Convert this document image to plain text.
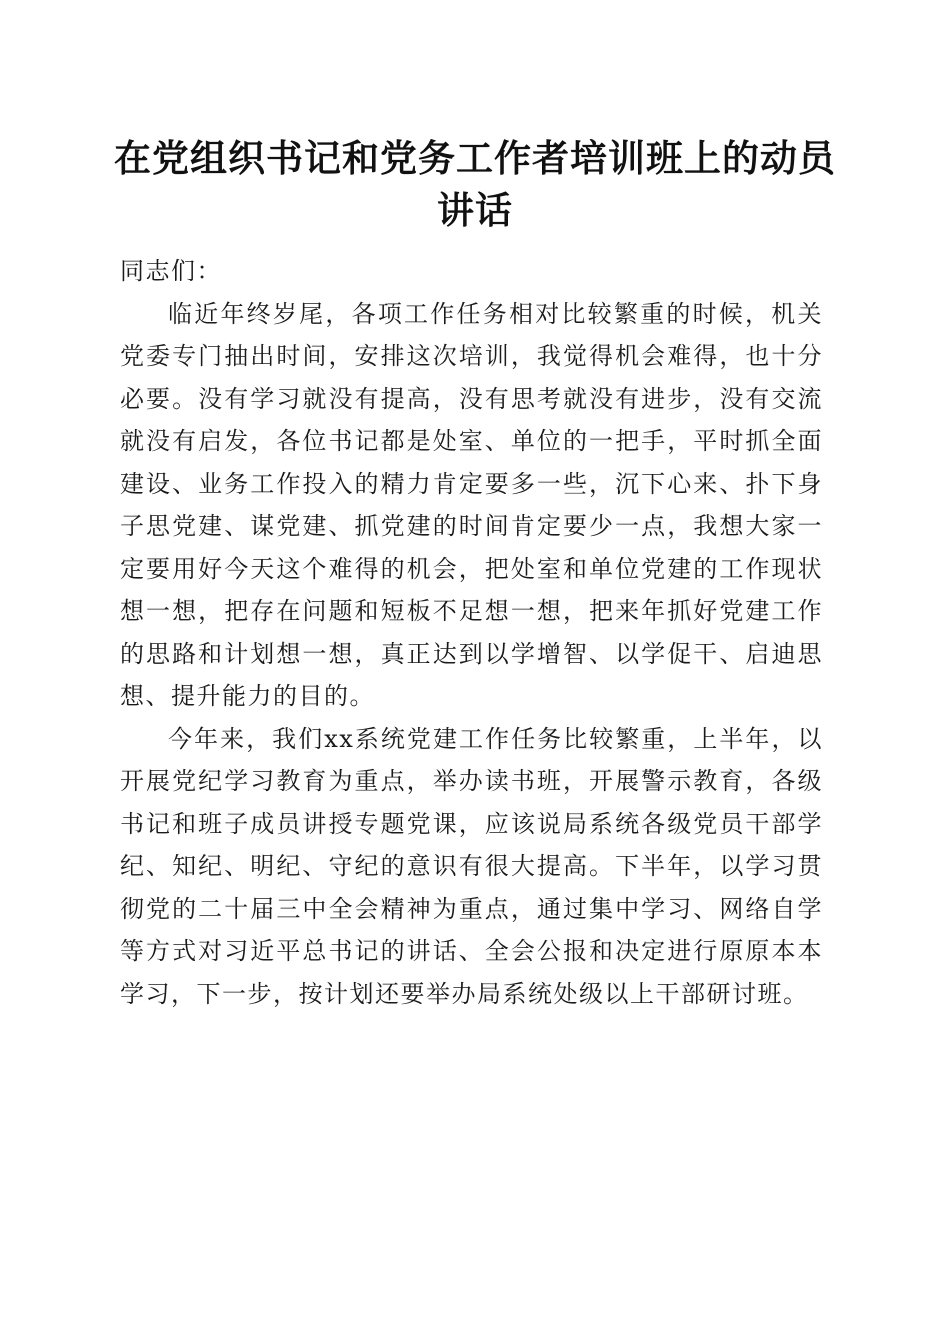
在党组织书记和党务工作者培训班上的动员讲话

同志们：

临近年终岁尾，各项工作任务相对比较繁重的时候，机关党委专门抽出时间，安排这次培训，我觉得机会难得，也十分必要。没有学习就没有提高，没有思考就没有进步，没有交流就没有启发，各位书记都是处室、单位的一把手，平时抓全面建设、业务工作投入的精力肯定要多一些，沉下心来、扑下身子思党建、谋党建、抓党建的时间肯定要少一点，我想大家一定要用好今天这个难得的机会，把处室和单位党建的工作现状想一想，把存在问题和短板不足想一想，把来年抓好党建工作的思路和计划想一想，真正达到以学增智、以学促干、启迪思想、提升能力的目的。

今年来，我们xx系统党建工作任务比较繁重，上半年，以开展党纪学习教育为重点，举办读书班，开展警示教育，各级书记和班子成员讲授专题党课，应该说局系统各级党员干部学纪、知纪、明纪、守纪的意识有很大提高。下半年，以学习贯彻党的二十届三中全会精神为重点，通过集中学习、网络自学等方式对习近平总书记的讲话、全会公报和决定进行原原本本学习，下一步，按计划还要举办局系统处级以上干部研讨班。
